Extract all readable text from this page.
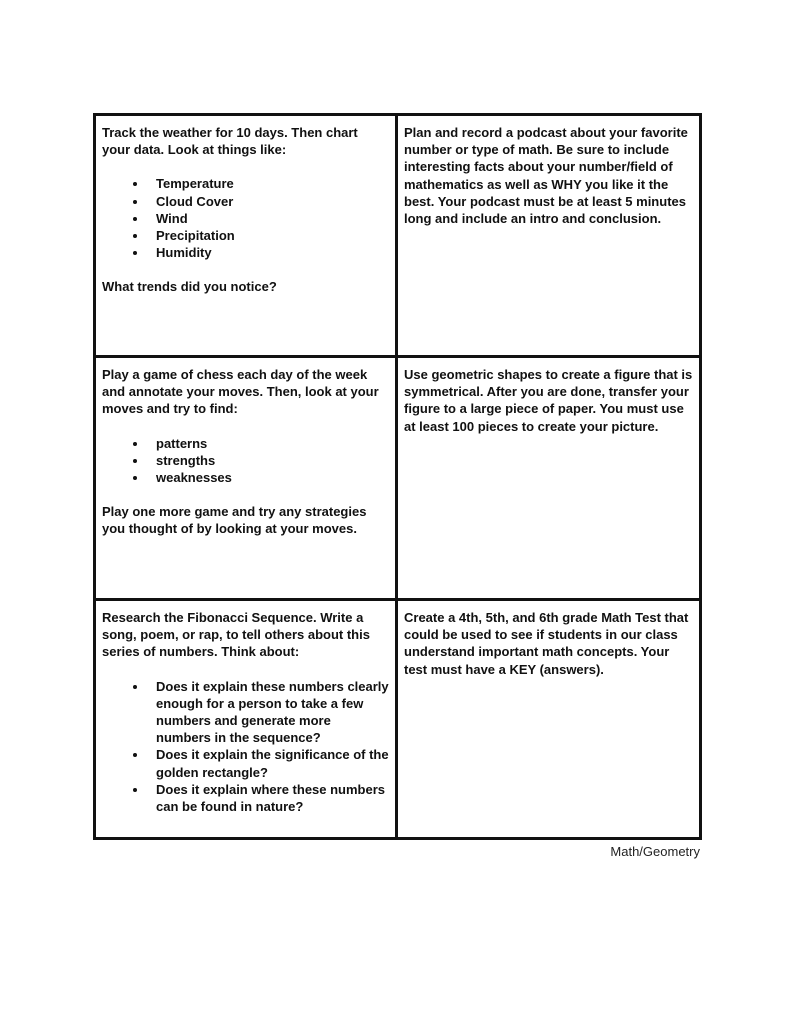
Track the weather for 10 days. Then chart your data. Look at things like:

• Temperature
• Cloud Cover
• Wind
• Precipitation
• Humidity

What trends did you notice?

Plan and record a podcast about your favorite number or type of math. Be sure to include interesting facts about your number/field of mathematics as well as WHY you like it the best. Your podcast must be at least 5 minutes long and include an intro and conclusion.

Play a game of chess each day of the week and annotate your moves. Then, look at your moves and try to find:

• patterns
• strengths
• weaknesses

Play one more game and try any strategies you thought of by looking at your moves.

Use geometric shapes to create a figure that is symmetrical. After you are done, transfer your figure to a large piece of paper. You must use at least 100 pieces to create your picture.

Research the Fibonacci Sequence. Write a song, poem, or rap, to tell others about this series of numbers. Think about:

• Does it explain these numbers clearly enough for a person to take a few numbers and generate more numbers in the sequence?
• Does it explain the significance of the golden rectangle?
• Does it explain where these numbers can be found in nature?

Create a 4th, 5th, and 6th grade Math Test that could be used to see if students in our class understand important math concepts. Your test must have a KEY (answers).

Math/Geometry
